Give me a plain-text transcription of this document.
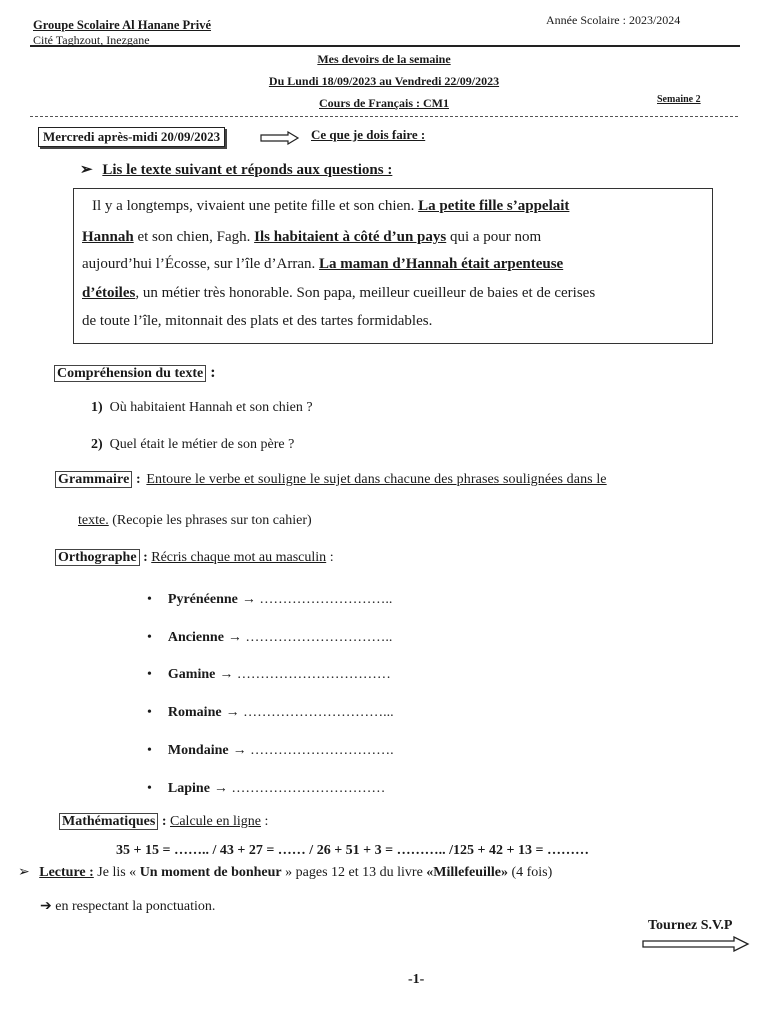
Groupe Scolaire Al Hanane Privé
Cité Taghzout, Inezgane
Année Scolaire : 2023/2024
Mes devoirs de la semaine
Du Lundi 18/09/2023 au Vendredi 22/09/2023
Cours de Français : CM1	Semaine 2
Mercredi après-midi 20/09/2023	Ce que je dois faire :
➢ Lis le texte suivant et réponds aux questions :
Il y a longtemps, vivaient une petite fille et son chien. La petite fille s’appelait
Hannah et son chien, Fagh. Ils habitaient à côté d’un pays qui a pour nom
aujourd’hui l’Écosse, sur l’île d’Arran. La maman d’Hannah était arpenteuse
d’étoiles, un métier très honorable. Son papa, meilleur cueilleur de baies et de cerises
de toute l’île, mitonnait des plats et des tartes formidables.
Compréhension du texte :
1) Où habitaient Hannah et son chien ?
2) Quel était le métier de son père ?
Grammaire : Entoure le verbe et souligne le sujet dans chacune des phrases soulignées dans le
texte. (Recopie les phrases sur ton cahier)
Orthographe : Récris chaque mot au masculin :
• Pyrénéenne → ………………………..
• Ancienne → …………………………..
• Gamine → ……………………………
• Romaine → …………………………...
• Mondaine → ………………………….
• Lapine → ……………………………
Mathématiques : Calcule en ligne :
35 + 15 = …….. / 43 + 27 = …… / 26 + 51 + 3 = ……….. /125 + 42 + 13 = ………
➢ Lecture : Je lis « Un moment de bonheur » pages 12 et 13 du livre «Millefeuille» (4 fois)
➔ en respectant la ponctuation.
Tournez S.V.P
-1-
